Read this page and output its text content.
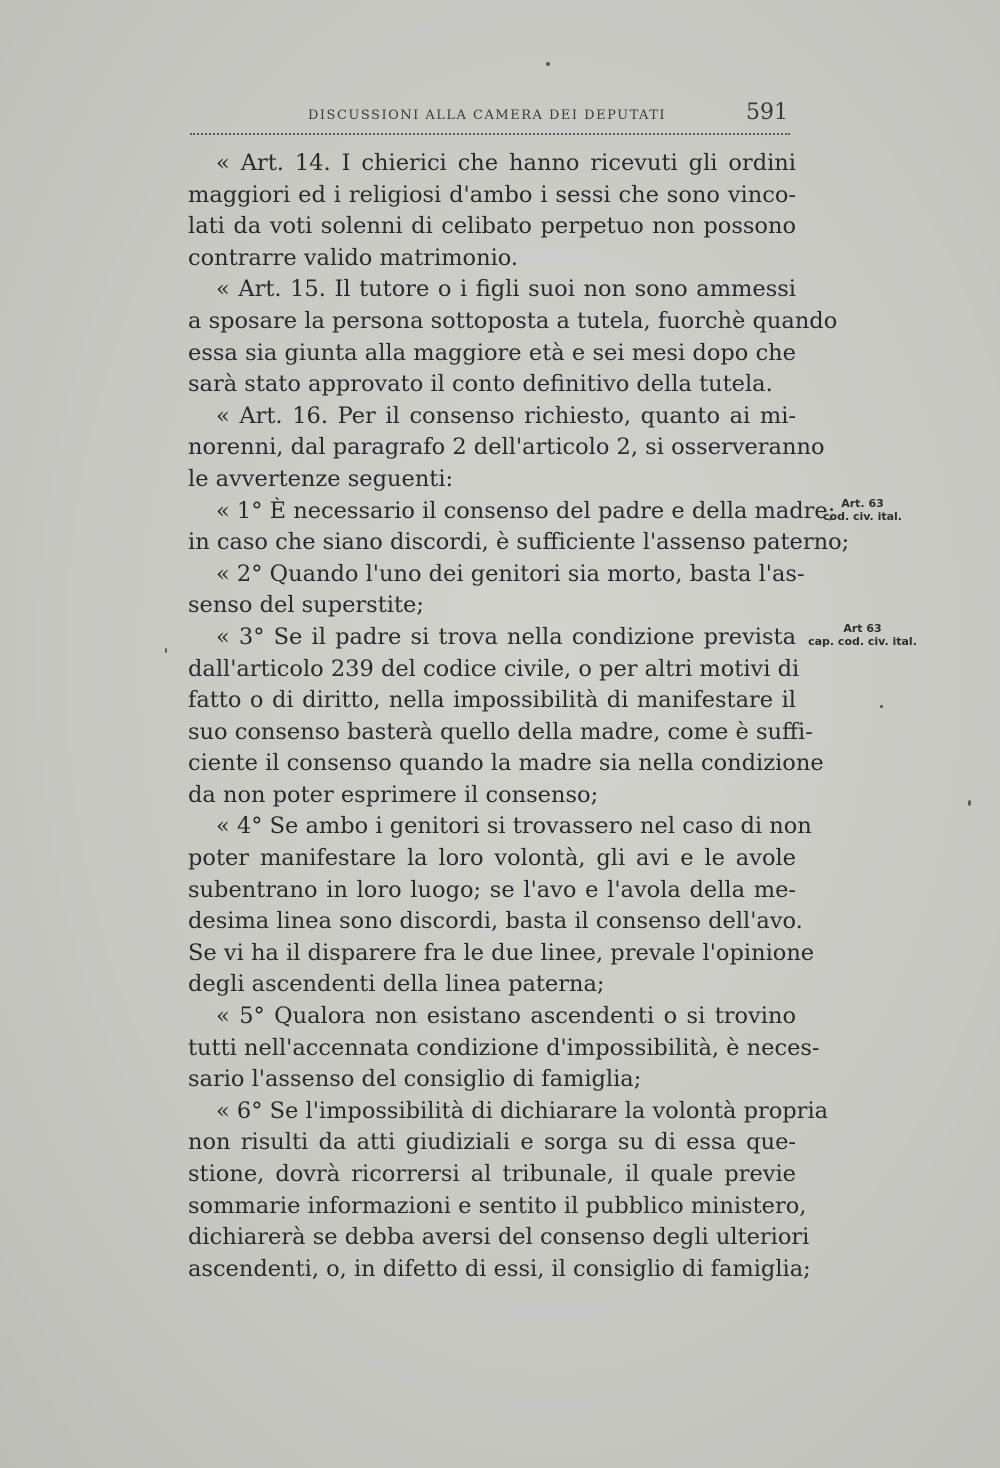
DISCUSSIONI ALLA CAMERA DEI DEPUTATI	591
« Art. 14. I chierici che hanno ricevuti gli ordini
maggiori ed i religiosi d'ambo i sessi che sono vinco-
lati da voti solenni di celibato perpetuo non possono
contrarre valido matrimonio.
« Art. 15. Il tutore o i figli suoi non sono ammessi
a sposare la persona sottoposta a tutela, fuorchè quando
essa sia giunta alla maggiore età e sei mesi dopo che
sarà stato approvato il conto definitivo della tutela.
« Art. 16. Per il consenso richiesto, quanto ai mi-
norenni, dal paragrafo 2 dell'articolo 2, si osserveranno
le avvertenze seguenti:
« 1° È necessario il consenso del padre e della madre;
in caso che siano discordi, è sufficiente l'assenso paterno;
« 2° Quando l'uno dei genitori sia morto, basta l'as-
senso del superstite;
« 3° Se il padre si trova nella condizione prevista
dall'articolo 239 del codice civile, o per altri motivi di
fatto o di diritto, nella impossibilità di manifestare il
suo consenso basterà quello della madre, come è suffi-
ciente il consenso quando la madre sia nella condizione
da non poter esprimere il consenso;
« 4° Se ambo i genitori si trovassero nel caso di non
poter manifestare la loro volontà, gli avi e le avole
subentrano in loro luogo; se l'avo e l'avola della me-
desima linea sono discordi, basta il consenso dell'avo.
Se vi ha il disparere fra le due linee, prevale l'opinione
degli ascendenti della linea paterna;
« 5° Qualora non esistano ascendenti o si trovino
tutti nell'accennata condizione d'impossibilità, è neces-
sario l'assenso del consiglio di famiglia;
« 6° Se l'impossibilità di dichiarare la volontà propria
non risulti da atti giudiziali e sorga su di essa que-
stione, dovrà ricorrersi al tribunale, il quale previe
sommarie informazioni e sentito il pubblico ministero,
dichiarerà se debba aversi del consenso degli ulteriori
ascendenti, o, in difetto di essi, il consiglio di famiglia;
Art. 63
cod. civ. ital.
Art 63
cap. cod. civ. ital.
